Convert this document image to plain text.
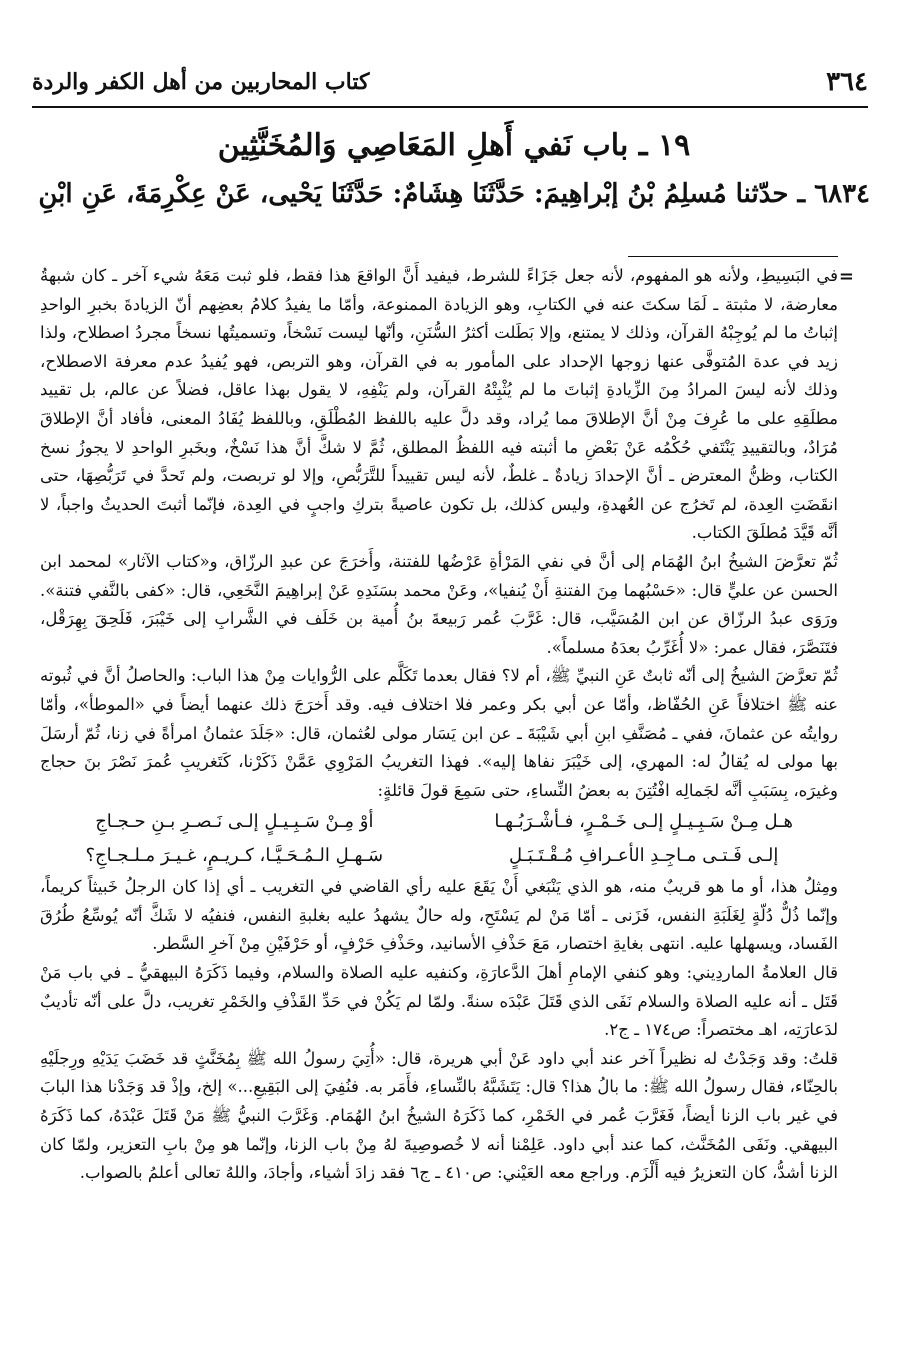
٣٦٤
كتاب المحاربين من أهل الكفر والردة
١٩ ـ باب نَفي أَهلِ المَعَاصِي وَالمُخَنَّثِين
٦٨٣٤ ـ حدّثنا مُسلِمُ بْنُ إبْراهِيمَ: حَدَّثَنَا هِشَامٌ: حَدَّثَنَا يَحْيى، عَنْ عِكْرِمَةَ، عَنِ ابْنِ
=

في البَسِيطِ، ولأنه هو المفهوم، لأنه جعل جَزَاءً للشرط، فيفيد أَنَّ الواقعَ هذا فقط، فلو ثبت مَعَهُ شيء آخر ـ كان شبهةُ معارضة، لا مثبتة ـ لَمَا سكتَ عنه في الكتابِ، وهو الزيادة الممنوعة، وأمّا ما يفيدُ كلامُ بعضِهم أنّ الزيادةَ بخبرِ الواحدِ إثباتُ ما لم يُوجِبْهُ القرآن، وذلك لا يمتنع، وإلا بَطَلت أكثرُ السُّنَنِ، وأنّها ليست نَسْخاً، وتسميتُها نسخاً مجردُ اصطلاح، ولذا زيد في عدة المُتوفَّى عنها زوجها الإحداد على المأمور به في القرآن، وهو التربص، فهو يُفيدُ عدم معرفة الاصطلاح، وذلك لأنه ليسَ المرادُ مِنَ الزِّيادةِ إثباتَ ما لم يُثْبِتْهُ القرآن، ولم يَنْفِهِ، لا يقول بهذا عاقل، فضلاً عن عالم، بل تقييد مطلَقِهِ على ما عُرِفَ مِنْ أنَّ الإطلاقَ مما يُراد، وقد دلَّ عليه باللفظ المُطْلَقِ، وباللفظ يُفَادُ المعنى، فأفاد أنَّ الإطلاقَ مُرَادٌ، وبالتقييدِ يَنْتَفي حُكْمُه عَنْ بَعْضِ ما أثبته فيه اللفظُ المطلق، ثُمَّ لا شكَّ أنَّ هذا نَسْخٌ، وبخَبرِ الواحدِ لا يجوزُ نسخ الكتاب، وظنُّ المعترض ـ أنَّ الإحدادَ زيادةٌ ـ غلطٌ، لأنه ليس تقييداً للتَّرَبُّصِ، وإلا لو تربصت، ولم تَحدَّ في تَرَبُّصِهَا، حتى انقَضَتِ العِدة، لم تَخرُج عن العُهدةِ، وليس كذلك، بل تكون عاصيةً بتركِ واجبٍ في العِدة، فإنّما أثبتَ الحديثُ واجباً، لا أنَّه قَيَّدَ مُطلَقَ الكتاب.

ثُمّ تعرَّضَ الشيخُ ابنُ الهُمَام إلى أنَّ في نفي المَرْأةِ عَرْضُها للفتنة، وأَخرَجَ عن عبدِ الرزّاق، و«كتاب الآثار» لمحمد ابن الحسن عن عليٍّ قال: «حَسْبُهما مِنَ الفتنةِ أَنْ يُنفيا»، وعَنْ محمد بسَنَدِهِ عَنْ إبراهِيمَ النَّخَعِي، قال: «كفى بالنَّفي فتنة». ورَوَى عبدُ الرزّاق عن ابن المُسَيَّب، قال: غَرَّبَ عُمر رَبيعةَ بنُ أُمية بن خَلَف في الشَّرابِ إلى خَيْبَرَ، فَلَحِقَ بِهِرَقْل، فتَنَصَّرَ، فقال عمر: «لا أُغَرِّبُ بعدَهُ مسلماً».

ثُمّ تعرَّضَ الشيخُ إلى أنّه ثابتٌ عَنِ النبيِّ ﷺ، أم لا؟ فقال بعدما تَكَلَّم على الرُّوايات مِنْ هذا الباب: والحاصلُ أنَّ في ثُبوته عنه ﷺ اختلافاً عَنِ الحُفّاظ، وأمّا عن أبي بكر وعمر فلا اختلاف فيه. وقد أَخرَجَ ذلك عنهما أيضاً في «الموطأ»، وأمّا روايتُه عن عثمانَ، ففي ـ مُصَنَّفِ ابنِ أبي شَيْبَةَ ـ عن ابن يَسَار مولى لعُثمان، قال: «جَلَدَ عثمانُ امرأةً في زنا، ثُمّ أرسَلَ بها مولى له يُقالُ له: المهري، إلى خَيْبَرَ نفاها إليه». فهذا التغريبُ المَرْوِي عَمَّنْ ذَكَرْنا، كَتَغريبِ عُمرَ نَصْرَ بنَ حجاج وغيرَه، بِسَبَبِ أنَّه لجَمالِه افْتُتِنَ به بعضُ النِّساءِ، حتى سَمِعَ قولَ قائلةٍ:

هـل مِـنْ سَـبِـيـلٍ إلـى خَـمْـرٍ، فـأشْـرَبُـهـا
أوْ مِـنْ سَـبِـيـلٍ إلـى نَـصـرِ بـنِ حـجـاجِ
إلـى فَـتـى مـاجِـدِ الأعـرافِ مُـقْـتَـبَـلٍ
سَـهـلِ الـمُـحَـيَّـا، كـريـمٍ، غـيـرَ مـلـجـاجِ؟

ومِثلُ هذا، أو ما هو قريبٌ منه، هو الذي يَنْبَغي أَنْ يَقَعَ عليه رأي القاضي في التغريب ـ أي إذا كان الرجلُ خَبيثاً كريماً، وإنّما ذُلٌّ دُلّةٍ لِغَلَبَةِ النفس، فَزَنى ـ أمّا مَنْ لم يَسْتَحِ، وله حالٌ يشهدُ عليه بغلبةِ النفس، فنفيُه لا شَكَّ أنّه يُوسِّعُ طُرُقَ الفَساد، ويسهلها عليه. انتهى بغايةِ اختصار، مَعَ حَذْفِ الأسانيد، وحَذْفِ حَرْفٍ، أو حَرْفَيْنِ مِنْ آخرِ السَّطر.

قال العلامةُ الماردِيني: وهو كنفي الإمامِ أهلَ الدَّعارَةِ، وكنفيه عليه الصلاة والسلام، وفيما ذَكَرَهُ البيهقيُّ ـ في باب مَنْ قَتَل ـ أنه عليه الصلاة والسلام نَفَى الذي قَتَلَ عَبْدَه سنةً. ولمّا لم يَكُنْ في حَدِّ القَذْفِ والخَمْرِ تغريب، دلَّ على أنّه تأديبٌ لدَعارَتِه، اهـ مختصراً: ص١٧٤ ـ ج٢.

قلتُ: وقد وَجَدْتُ له نظيراً آخر عند أبي داود عَنْ أبي هريرة، قال: «أُتِيَ رسولُ الله ﷺ بِمُخَنَّثٍ قد خَضَبَ يَدَيْهِ ورِجلَيْهِ بالحِنّاء، فقال رسولُ الله ﷺ: ما بالُ هذا؟ قال: يَتَشَبَّهُ بالنِّساءِ، فأَمَر به. فنُفِيَ إلى البَقِيعِ...» إلخ، وإذْ قد وَجَدْنا هذا البابَ في غير باب الزنا أيضاً، فَغَرَّبَ عُمر في الخَمْرِ، كما ذَكَرَهُ الشيخُ ابنُ الهُمَام. وَغَرَّبَ النبيُّ ﷺ مَنْ قَتَلَ عَبْدَهُ، كما ذَكَرَهُ البيهقي. ونَفَى المُخَنَّث، كما عند أبي داود. عَلِمْنا أنه لا خُصوصِيةَ لهُ مِنْ باب الزنا، وإنّما هو مِنْ بابِ التعزير، ولمّا كان الزنا أشدُّ، كان التعزيرُ فيه أَلْزَم. وراجع معه العَيْني: ص٤١٠ ـ ج٦ فقد زادَ أشياء، وأجادَ، واللهُ تعالى أعلمُ بالصواب.
